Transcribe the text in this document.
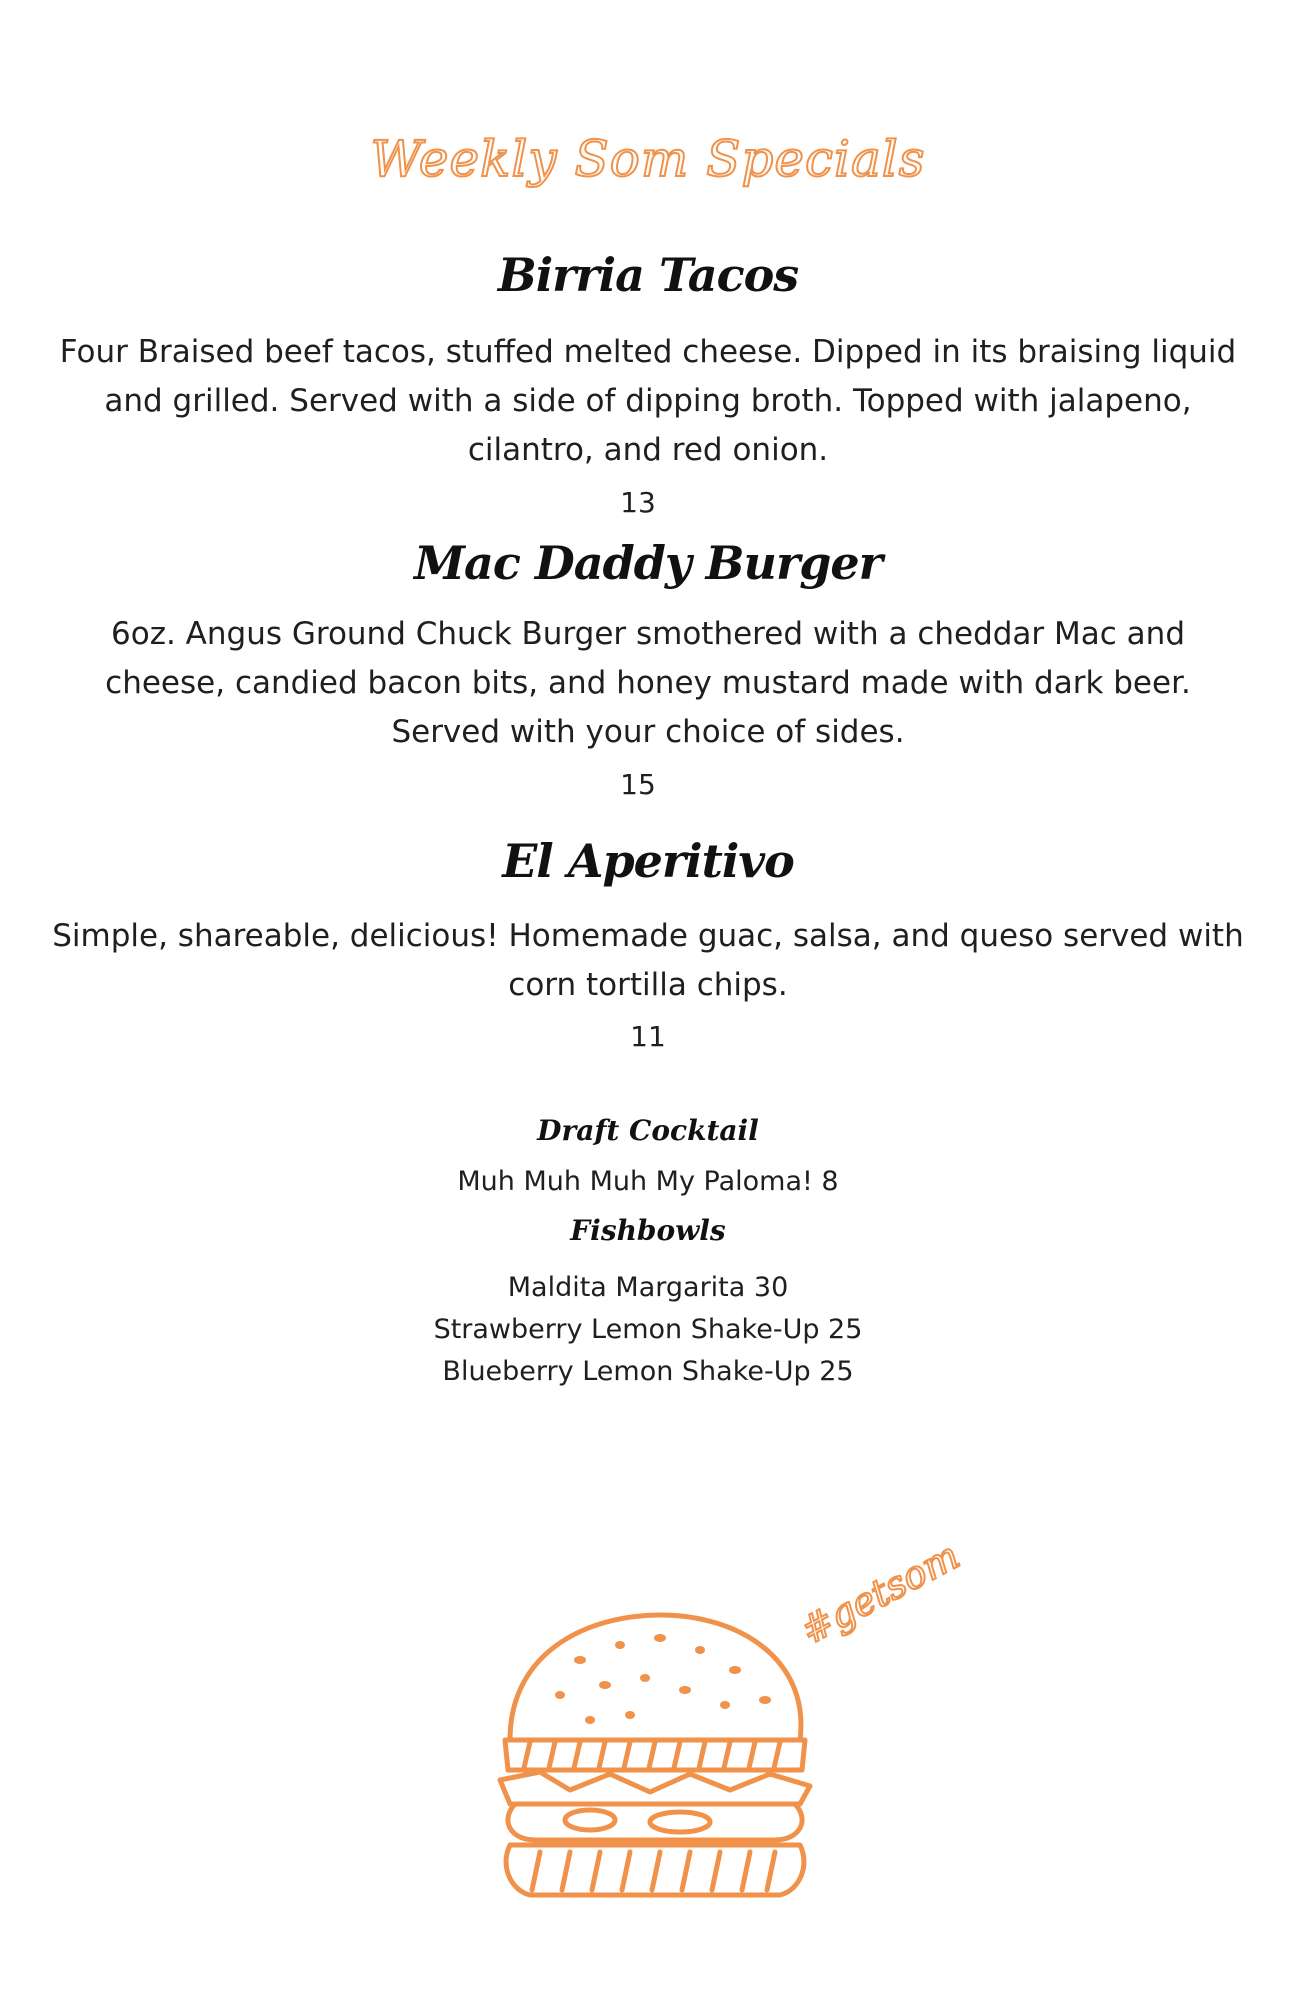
Weekly Som Specials
Birria Tacos
Four Braised beef tacos, stuffed melted cheese. Dipped in its braising liquid and grilled. Served with a side of dipping broth. Topped with jalapeno, cilantro, and red onion.
13
Mac Daddy Burger
6oz. Angus Ground Chuck Burger smothered with a cheddar Mac and cheese, candied bacon bits, and honey mustard made with dark beer. Served with your choice of sides.
15
El Aperitivo
Simple, shareable, delicious! Homemade guac, salsa, and queso served with corn tortilla chips.
11
Draft Cocktail
Muh Muh Muh My Paloma! 8
Fishbowls
Maldita Margarita 30
Strawberry Lemon Shake-Up 25
Blueberry Lemon Shake-Up 25
#getsom
